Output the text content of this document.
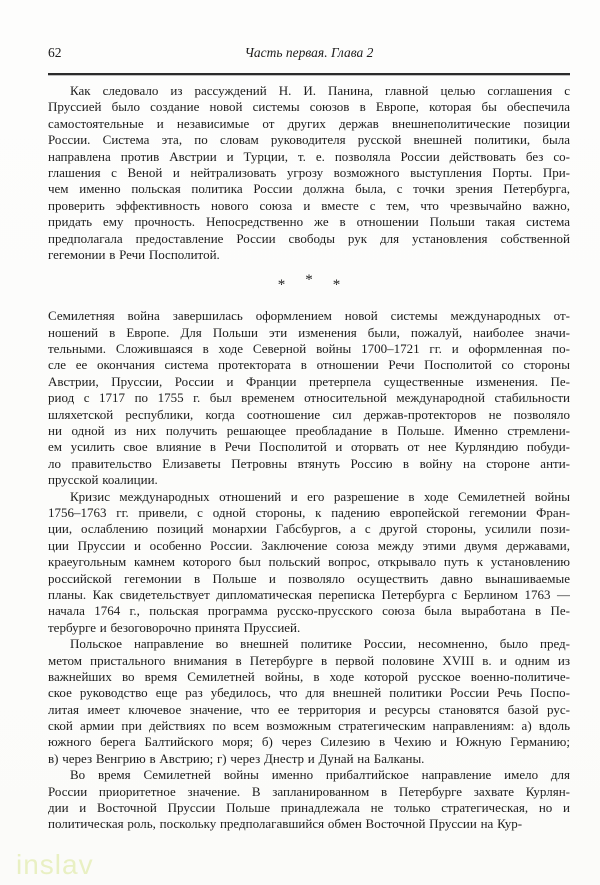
62	Часть первая. Глава 2
Как следовало из рассуждений Н. И. Панина, главной целью соглашения с
Пруссией было создание новой системы союзов в Европе, которая бы обеспечила
самостоятельные и независимые от других держав внешнеполитические позиции
России. Система эта, по словам руководителя русской внешней политики, была
направлена против Австрии и Турции, т. е. позволяла России действовать без со-
глашения с Веной и нейтрализовать угрозу возможного выступления Порты. При-
чем именно польская политика России должна была, с точки зрения Петербурга,
проверить эффективность нового союза и вместе с тем, что чрезвычайно важно,
придать ему прочность. Непосредственно же в отношении Польши такая система
предполагала предоставление России свободы рук для установления собственной
гегемонии в Речи Посполитой.
* * *
Семилетняя война завершилась оформлением новой системы международных от-
ношений в Европе. Для Польши эти изменения были, пожалуй, наиболее значи-
тельными. Сложившаяся в ходе Северной войны 1700–1721 гг. и оформленная по-
сле ее окончания система протектората в отношении Речи Посполитой со стороны
Австрии, Пруссии, России и Франции претерпела существенные изменения. Пе-
риод с 1717 по 1755 г. был временем относительной международной стабильности
шляхетской республики, когда соотношение сил держав-протекторов не позволяло
ни одной из них получить решающее преобладание в Польше. Именно стремлени-
ем усилить свое влияние в Речи Посполитой и оторвать от нее Курляндию побуди-
ло правительство Елизаветы Петровны втянуть Россию в войну на стороне анти-
прусской коалиции.
Кризис международных отношений и его разрешение в ходе Семилетней войны
1756–1763 гг. привели, с одной стороны, к падению европейской гегемонии Фран-
ции, ослаблению позиций монархии Габсбургов, а с другой стороны, усилили пози-
ции Пруссии и особенно России. Заключение союза между этими двумя державами,
краеугольным камнем которого был польский вопрос, открывало путь к установлению
российской гегемонии в Польше и позволяло осуществить давно вынашиваемые
планы. Как свидетельствует дипломатическая переписка Петербурга с Берлином 1763 —
начала 1764 г., польская программа русско-прусского союза была выработана в Пе-
тербурге и безоговорочно принята Пруссией.
Польское направление во внешней политике России, несомненно, было пред-
метом пристального внимания в Петербурге в первой половине XVIII в. и одним из
важнейших во время Семилетней войны, в ходе которой русское военно-политиче-
ское руководство еще раз убедилось, что для внешней политики России Речь Поспо-
литая имеет ключевое значение, что ее территория и ресурсы становятся базой рус-
ской армии при действиях по всем возможным стратегическим направлениям: а) вдоль
южного берега Балтийского моря; б) через Силезию в Чехию и Южную Германию;
в) через Венгрию в Австрию; г) через Днестр и Дунай на Балканы.
Во время Семилетней войны именно прибалтийское направление имело для
России приоритетное значение. В запланированном в Петербурге захвате Курлян-
дии и Восточной Пруссии Польше принадлежала не только стратегическая, но и
политическая роль, поскольку предполагавшийся обмен Восточной Пруссии на Кур-
inslav
